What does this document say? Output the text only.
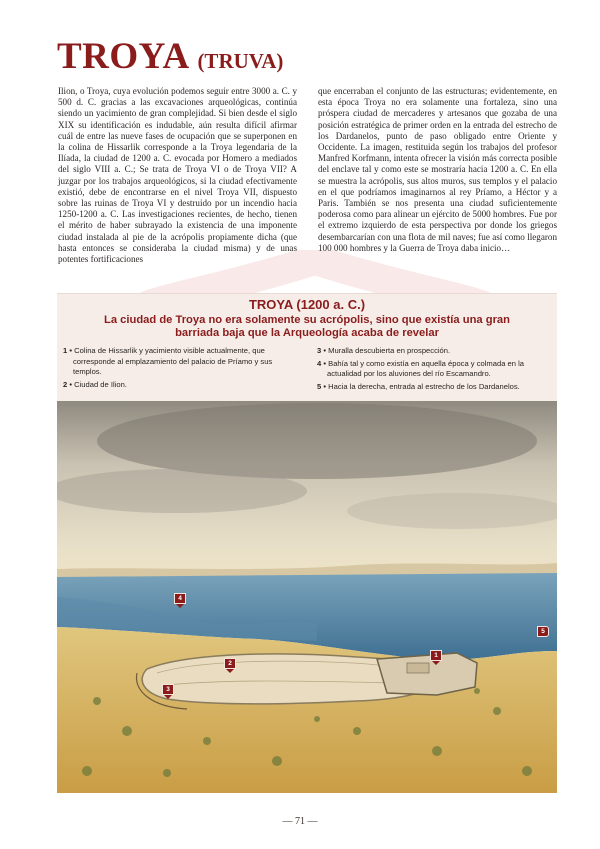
TROYA (TRUVA)

Ilion, o Troya, cuya evolución podemos seguir entre 3000 a. C. y 500 d. C. gracias a las excavaciones arqueológicas, continúa siendo un yacimiento de gran complejidad. Si bien desde el siglo XIX su identificación es indudable, aún resulta difícil afirmar cuál de entre las nueve fases de ocupación que se superponen en la colina de Hissarlik corresponde a la Troya legendaria de la Ilíada, la ciudad de 1200 a. C. evocada por Homero a mediados del siglo VIII a. C.; Se trata de Troya VI o de Troya VII? A juzgar por los trabajos arqueológicos, si la ciudad efectivamente existió, debe de encontrarse en el nivel Troya VII, dispuesto sobre las ruinas de Troya VI y destruido por un incendio hacia 1250-1200 a. C. Las investigaciones recientes, de hecho, tienen el mérito de haber subrayado la existencia de una imponente ciudad instalada al pie de la acrópolis propiamente dicha (que hasta entonces se consideraba la ciudad misma) y de unas potentes fortificaciones

que encerraban el conjunto de las estructuras; evidentemente, en esta época Troya no era solamente una fortaleza, sino una próspera ciudad de mercaderes y artesanos que gozaba de una posición estratégica de primer orden en la entrada del estrecho de los Dardanelos, punto de paso obligado entre Oriente y Occidente. La imagen, restituida según los trabajos del profesor Manfred Korfmann, intenta ofrecer la visión más correcta posible del enclave tal y como este se mostraría hacia 1200 a. C. En ella se muestra la acrópolis, sus altos muros, sus templos y el palacio en el que podríamos imaginarnos al rey Príamo, a Héctor y a Paris. También se nos presenta una ciudad suficientemente poderosa como para alinear un ejército de 5000 hombres. Fue por el extremo izquierdo de esta perspectiva por donde los griegos desembarcarían con una flota de mil naves; fue así como llegaron 100 000 hombres y la Guerra de Troya daba inicio…

TROYA (1200 a. C.)
La ciudad de Troya no era solamente su acrópolis, sino que existía una gran barriada baja que la Arqueología acaba de revelar
1 • Colina de Hissarlik y yacimiento visible actualmente, que corresponde al emplazamiento del palacio de Príamo y sus templos.
2 • Ciudad de Ilion.
3 • Muralla descubierta en prospección.
4 • Bahía tal y como existía en aquella época y colmada en la actualidad por los aluviones del río Escamandro.
5 • Hacia la derecha, entrada al estrecho de los Dardanelos.
4
2
3
1
5
— 71 —
